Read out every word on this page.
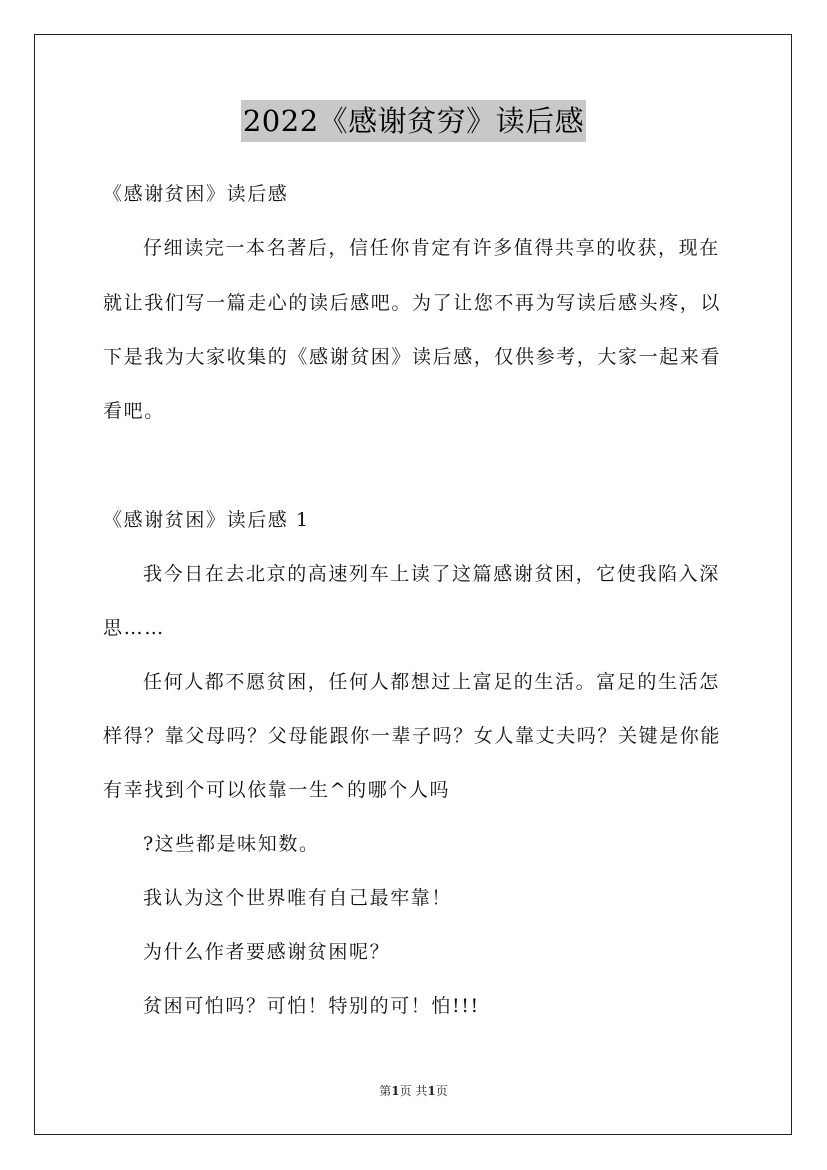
2022《感谢贫穷》读后感
《感谢贫困》读后感
仔细读完一本名著后，信任你肯定有许多值得共享的收获，现在
就让我们写一篇走心的读后感吧。为了让您不再为写读后感头疼，以
下是我为大家收集的《感谢贫困》读后感，仅供参考，大家一起来看
看吧。
《感谢贫困》读后感 1
我今日在去北京的高速列车上读了这篇感谢贫困，它使我陷入深
思……
任何人都不愿贫困，任何人都想过上富足的生活。富足的生活怎
样得？靠父母吗？父母能跟你一辈子吗？女人靠丈夫吗？关键是你能
有幸找到个可以依靠一生^的哪个人吗
?这些都是味知数。
我认为这个世界唯有自己最牢靠！
为什么作者要感谢贫困呢？
贫困可怕吗？可怕！特别的可！怕!!!
第1页 共1页
